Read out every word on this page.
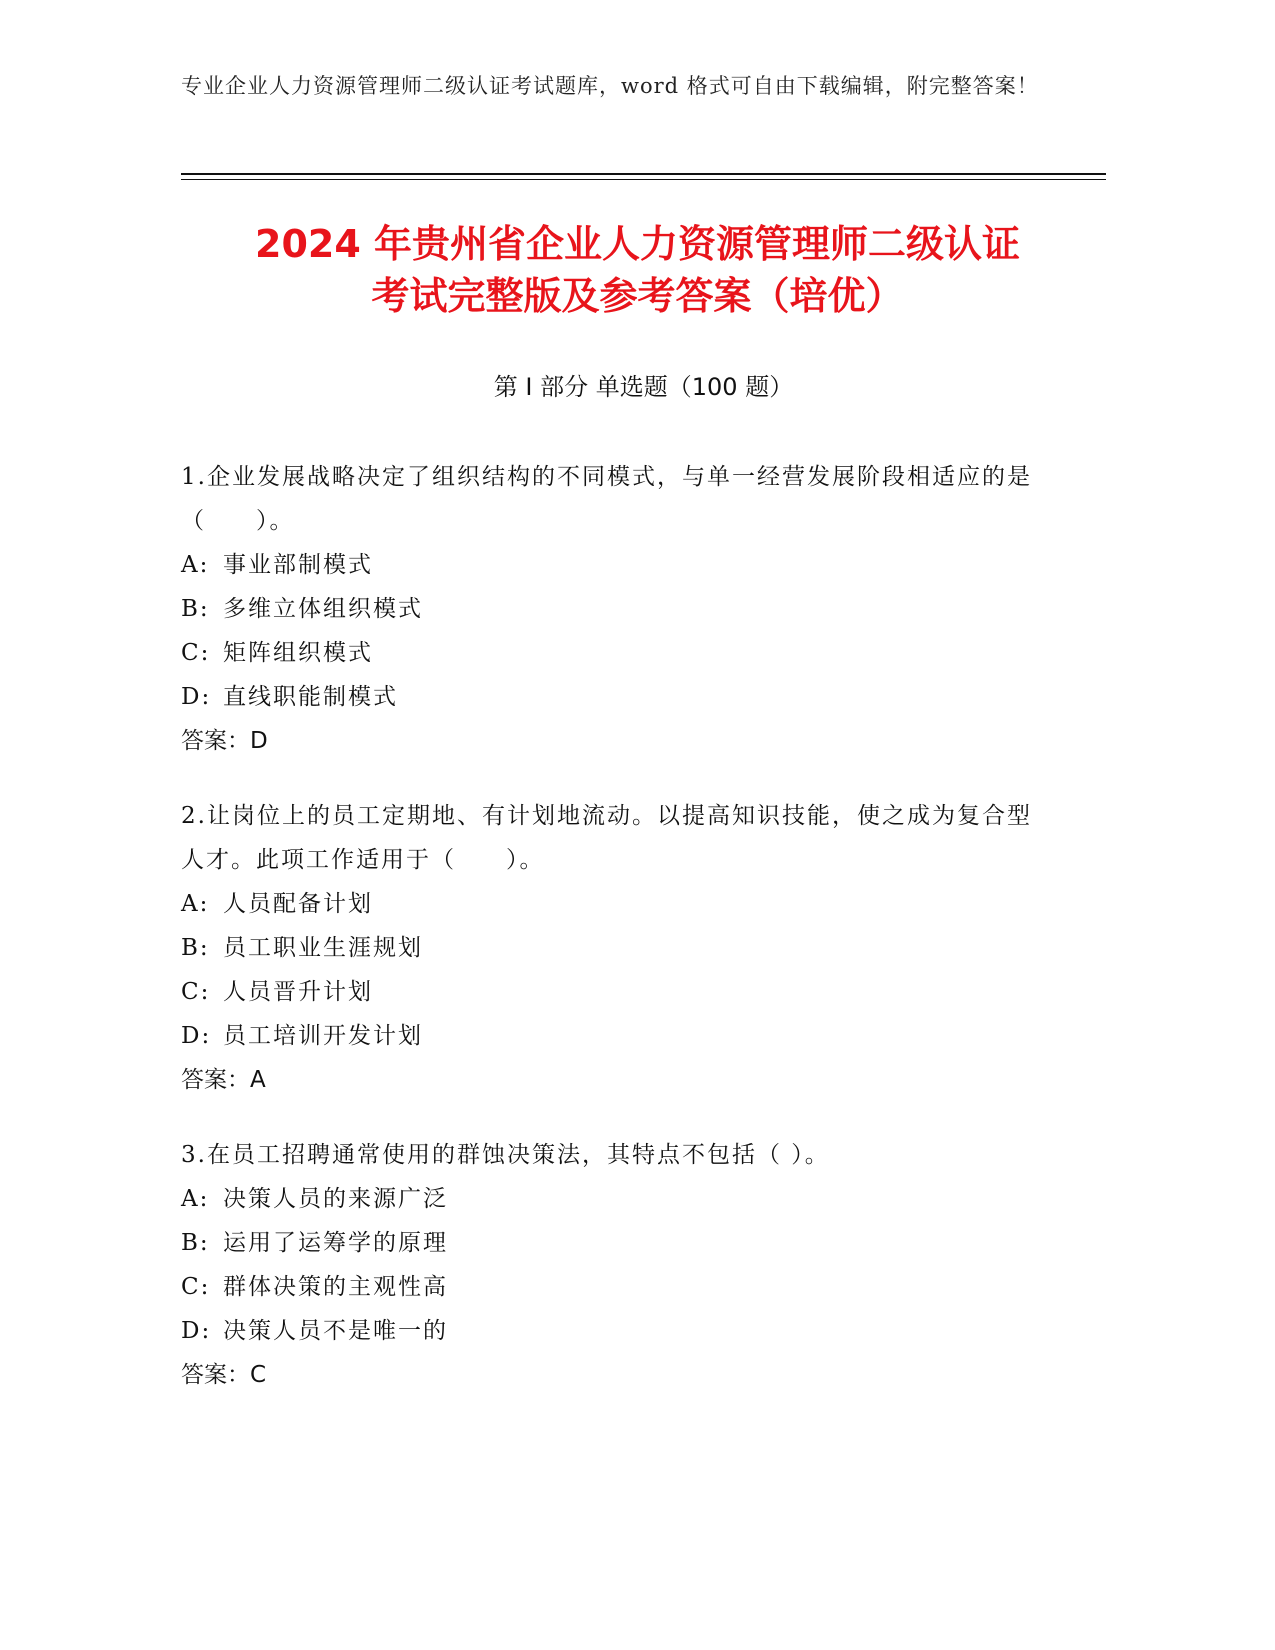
专业企业人力资源管理师二级认证考试题库，word 格式可自由下载编辑，附完整答案！
2024 年贵州省企业人力资源管理师二级认证
考试完整版及参考答案（培优）
第 I 部分 单选题（100 题）

1.企业发展战略决定了组织结构的不同模式，与单一经营发展阶段相适应的是（　　）。

A: 事业部制模式
B: 多维立体组织模式
C: 矩阵组织模式
D: 直线职能制模式

答案：D

2.让岗位上的员工定期地、有计划地流动。以提高知识技能，使之成为复合型人才。此项工作适用于（　　）。

A: 人员配备计划
B: 员工职业生涯规划
C: 人员晋升计划
D: 员工培训开发计划

答案：A

3.在员工招聘通常使用的群蚀决策法，其特点不包括（ ）。

A: 决策人员的来源广泛
B: 运用了运筹学的原理
C: 群体决策的主观性高
D: 决策人员不是唯一的

答案：C
